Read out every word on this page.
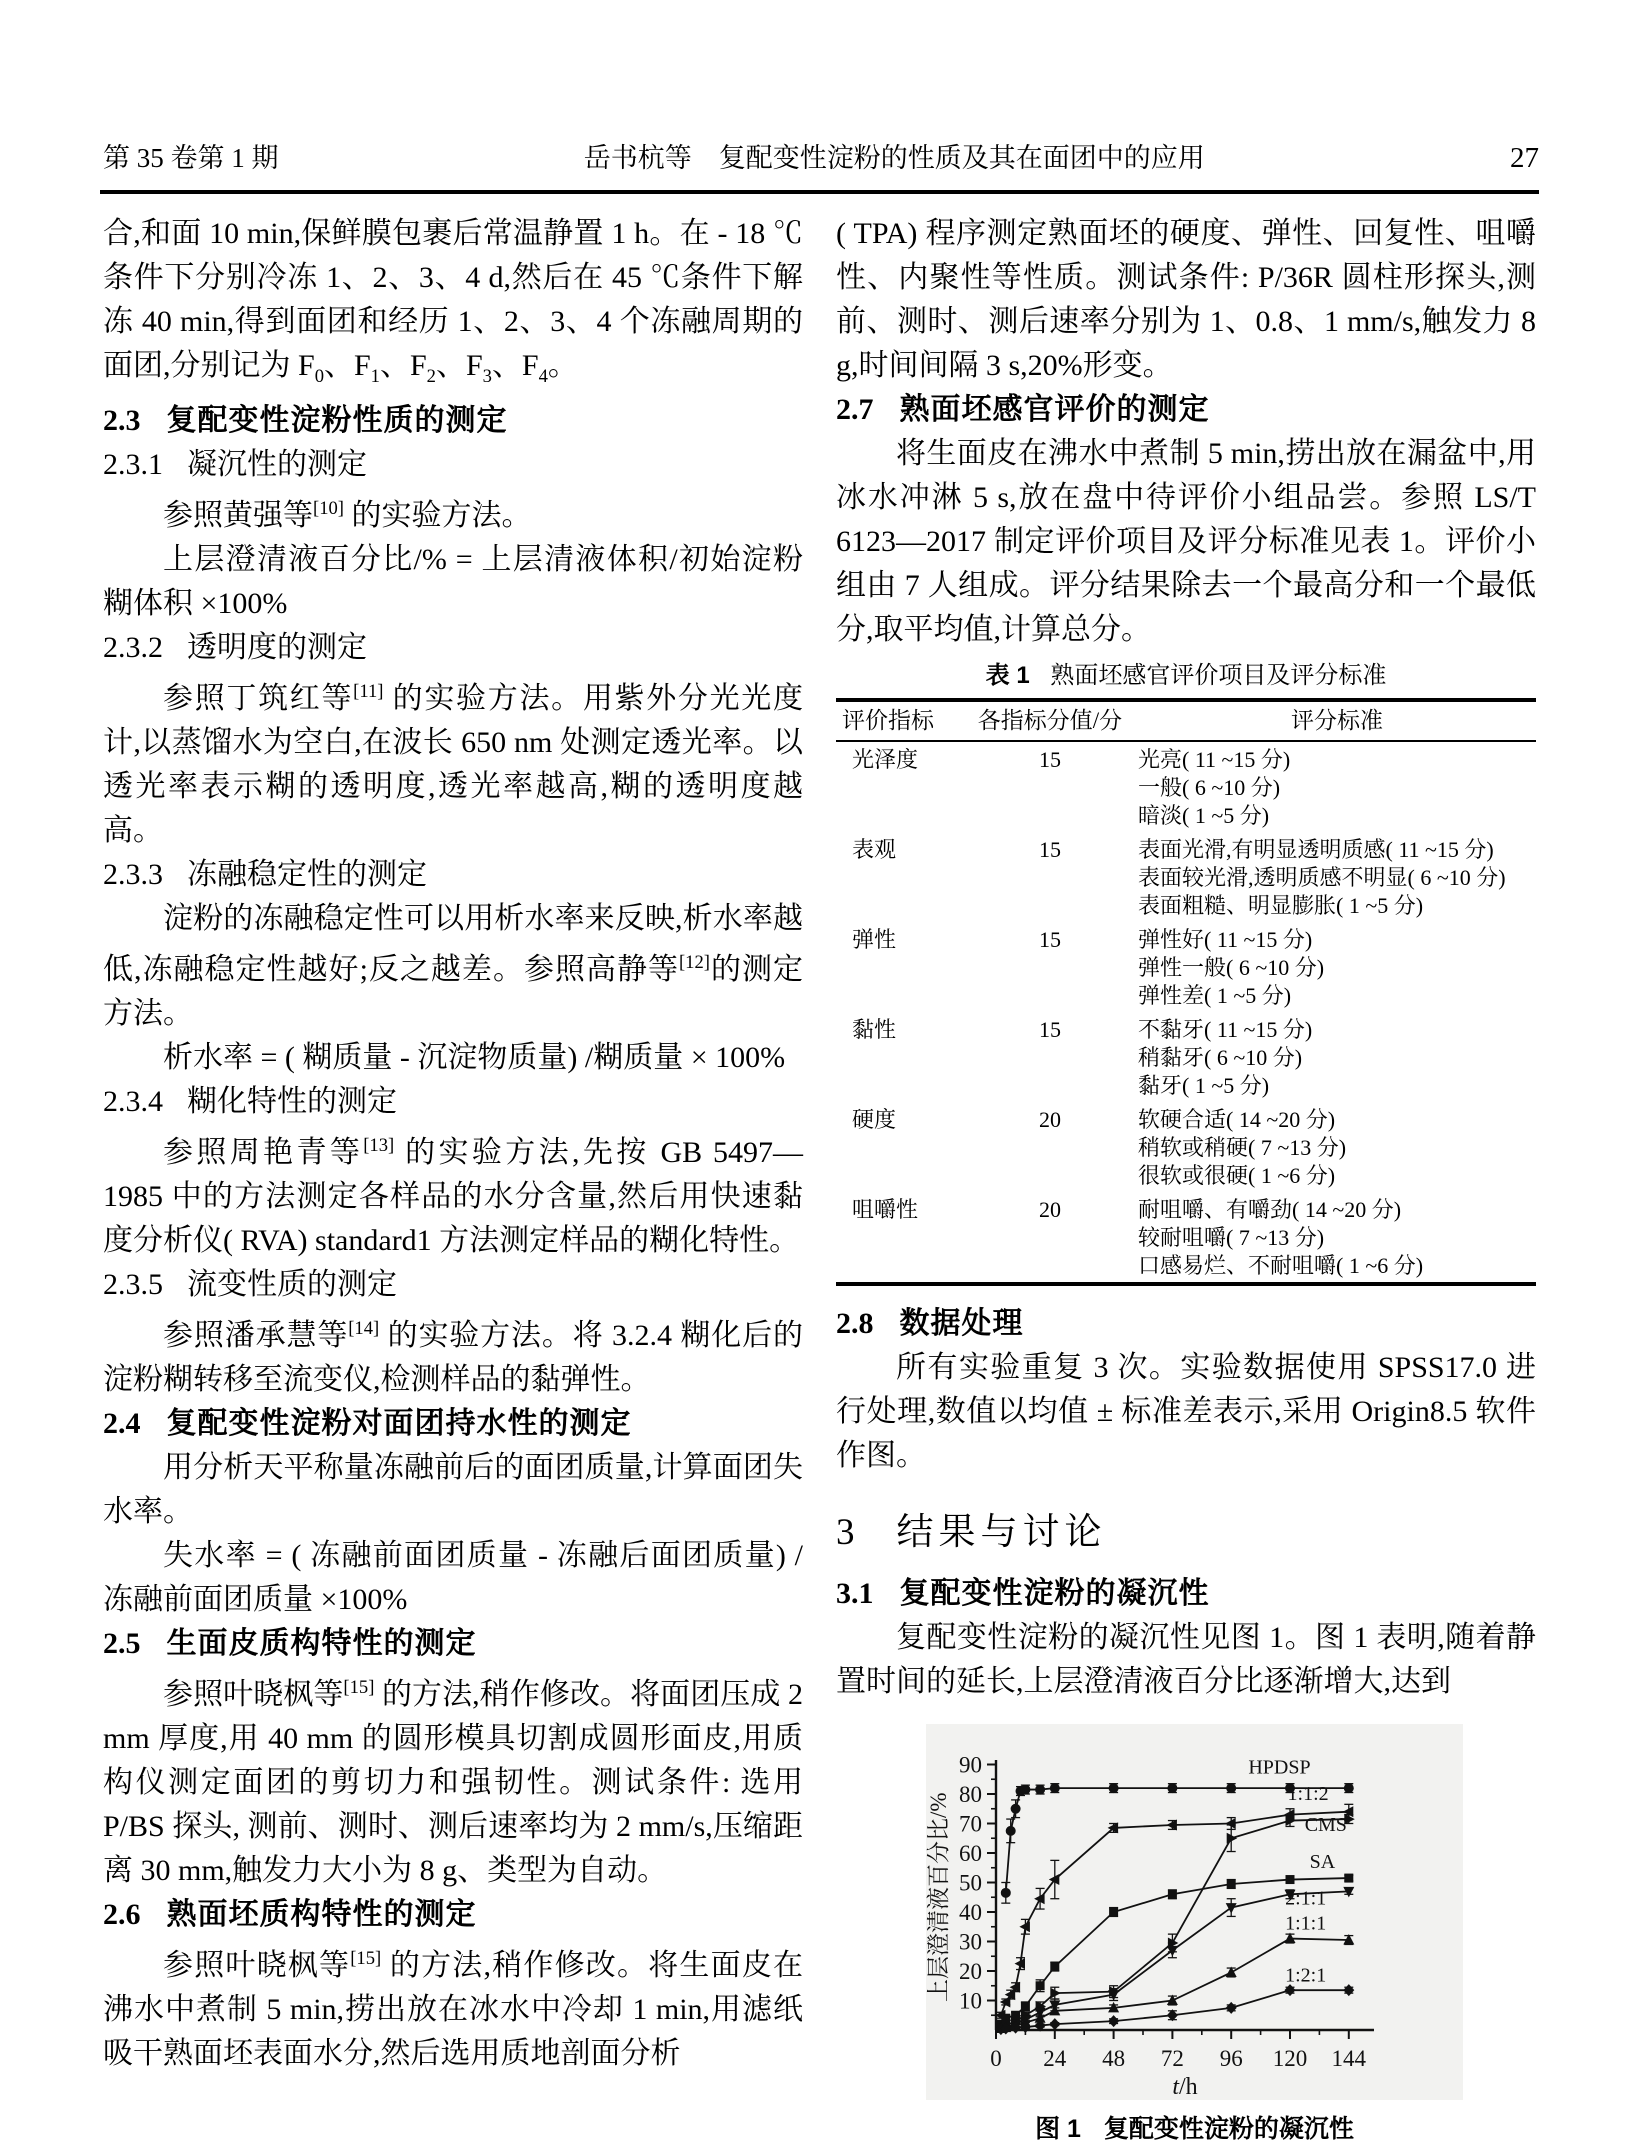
第 35 卷第 1 期	岳书杭等　复配变性淀粉的性质及其在面团中的应用	27

合,和面 10 min,保鲜膜包裹后常温静置 1 h。在 - 18 ℃条件下分别冷冻 1、2、3、4 d,然后在 45 ℃条件下解冻 40 min,得到面团和经历 1、2、3、4 个冻融周期的面团,分别记为 $F_0$、$F_1$、$F_2$、$F_3$、$F_4$。

2.3 复配变性淀粉性质的测定
2.3.1 凝沉性的测定

参照黄强等[10] 的实验方法。

上层澄清液百分比/% = 上层清液体积/初始淀粉糊体积 ×100%

2.3.2 透明度的测定

参照丁筑红等[11] 的实验方法。用紫外分光光度计,以蒸馏水为空白,在波长 650 nm 处测定透光率。以透光率表示糊的透明度,透光率越高,糊的透明度越高。

2.3.3 冻融稳定性的测定

淀粉的冻融稳定性可以用析水率来反映,析水率越低,冻融稳定性越好;反之越差。参照高静等[12]的测定方法。

析水率 = ( 糊质量 - 沉淀物质量) /糊质量 × 100%

2.3.4 糊化特性的测定

参照周艳青等[13] 的实验方法,先按 GB 5497—1985 中的方法测定各样品的水分含量,然后用快速黏度分析仪( RVA) standard1 方法测定样品的糊化特性。

2.3.5 流变性质的测定

参照潘承慧等[14] 的实验方法。将 3.2.4 糊化后的淀粉糊转移至流变仪,检测样品的黏弹性。

2.4 复配变性淀粉对面团持水性的测定

用分析天平称量冻融前后的面团质量,计算面团失水率。

失水率 = ( 冻融前面团质量 - 冻融后面团质量) /冻融前面团质量 ×100%

2.5 生面皮质构特性的测定

参照叶晓枫等[15] 的方法,稍作修改。将面团压成 2 mm 厚度,用 40 mm 的圆形模具切割成圆形面皮,用质构仪测定面团的剪切力和强韧性。测试条件: 选用 P/BS 探头, 测前、测时、测后速率均为 2 mm/s,压缩距离 30 mm,触发力大小为 8 g、类型为自动。

2.6 熟面坯质构特性的测定

参照叶晓枫等[15] 的方法,稍作修改。将生面皮在沸水中煮制 5 min,捞出放在冰水中冷却 1 min,用滤纸吸干熟面坯表面水分,然后选用质地剖面分析

( TPA) 程序测定熟面坯的硬度、弹性、回复性、咀嚼性、内聚性等性质。测试条件: P/36R 圆柱形探头,测前、测时、测后速率分别为 1、0.8、1 mm/s,触发力 8 g,时间间隔 3 s,20%形变。

2.7 熟面坯感官评价的测定

将生面皮在沸水中煮制 5 min,捞出放在漏盆中,用冰水冲淋 5 s,放在盘中待评价小组品尝。参照 LS/T 6123—2017 制定评价项目及评分标准见表 1。评价小组由 7 人组成。评分结果除去一个最高分和一个最低分,取平均值,计算总分。

表 1 熟面坯感官评价项目及评分标准
评价指标	各指标分值/分	评分标准
光泽度	15	光亮( 11 ~15 分)
一般( 6 ~10 分)
暗淡( 1 ~5 分)

表观	15	表面光滑,有明显透明质感( 11 ~15 分)
表面较光滑,透明质感不明显( 6 ~10 分)
表面粗糙、明显膨胀( 1 ~5 分)

弹性	15	弹性好( 11 ~15 分)
弹性一般( 6 ~10 分)
弹性差( 1 ~5 分)

黏性	15	不黏牙( 11 ~15 分)
稍黏牙( 6 ~10 分)
黏牙( 1 ~5 分)

硬度	20	软硬合适( 14 ~20 分)
稍软或稍硬( 7 ~13 分)
很软或很硬( 1 ~6 分)

咀嚼性	20	耐咀嚼、有嚼劲( 14 ~20 分)
较耐咀嚼( 7 ~13 分)
口感易烂、不耐咀嚼( 1 ~6 分)
2.8 数据处理

所有实验重复 3 次。实验数据使用 SPSS17.0 进行处理,数值以均值 ± 标准差表示,采用 Origin8.5 软件作图。

3 结果与讨论
3.1 复配变性淀粉的凝沉性

复配变性淀粉的凝沉性见图 1。图 1 表明,随着静置时间的延长,上层澄清液百分比逐渐增大,达到

0 24 48 72 96 120 144
10
20
30
40
50
60
70
80
90
t/h
上层澄清液百分比/%
HPDSP
1:1:2
CMS
SA
2:1:1
1:1:1
1:2:1
图 1 复配变性淀粉的凝沉性
